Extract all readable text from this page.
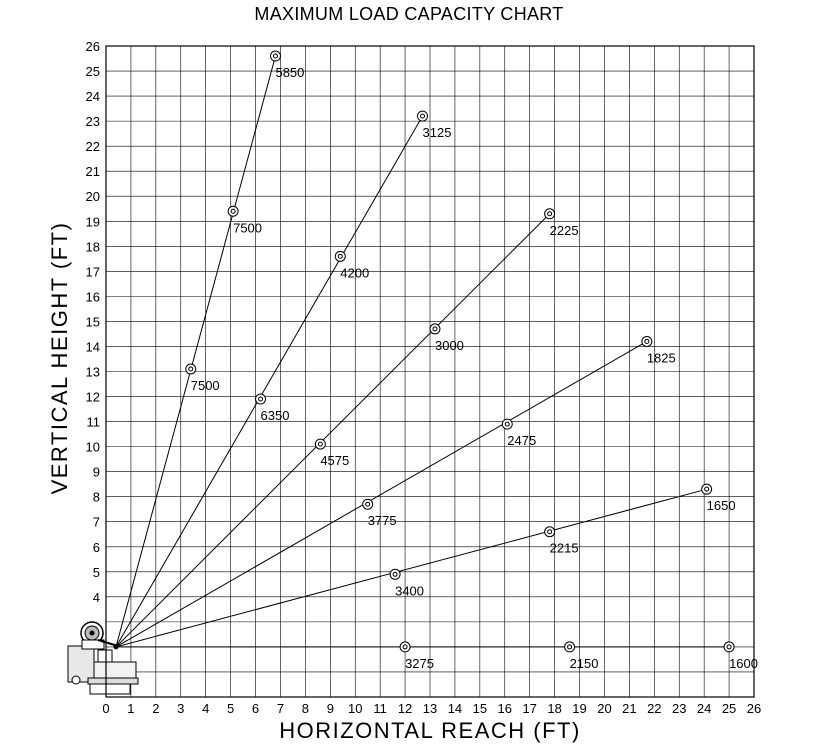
MAXIMUM LOAD CAPACITY CHART
VERTICAL HEIGHT (FT)
HORIZONTAL REACH (FT)
0 1 2 3 4 5 6 7 8 9 10 11 12 13 14 15 16 17 18 19 20 21 22 23 24 25 26
4
5
6
7
8
9
10
11
12
13
14
15
16
17
18
19
20
21
22
23
24
25
26
7500
7500
5850
6350
4200
3125
4575
3000
2225
3775
2475
1825
3400
2215
1650
3275	2150	1600
